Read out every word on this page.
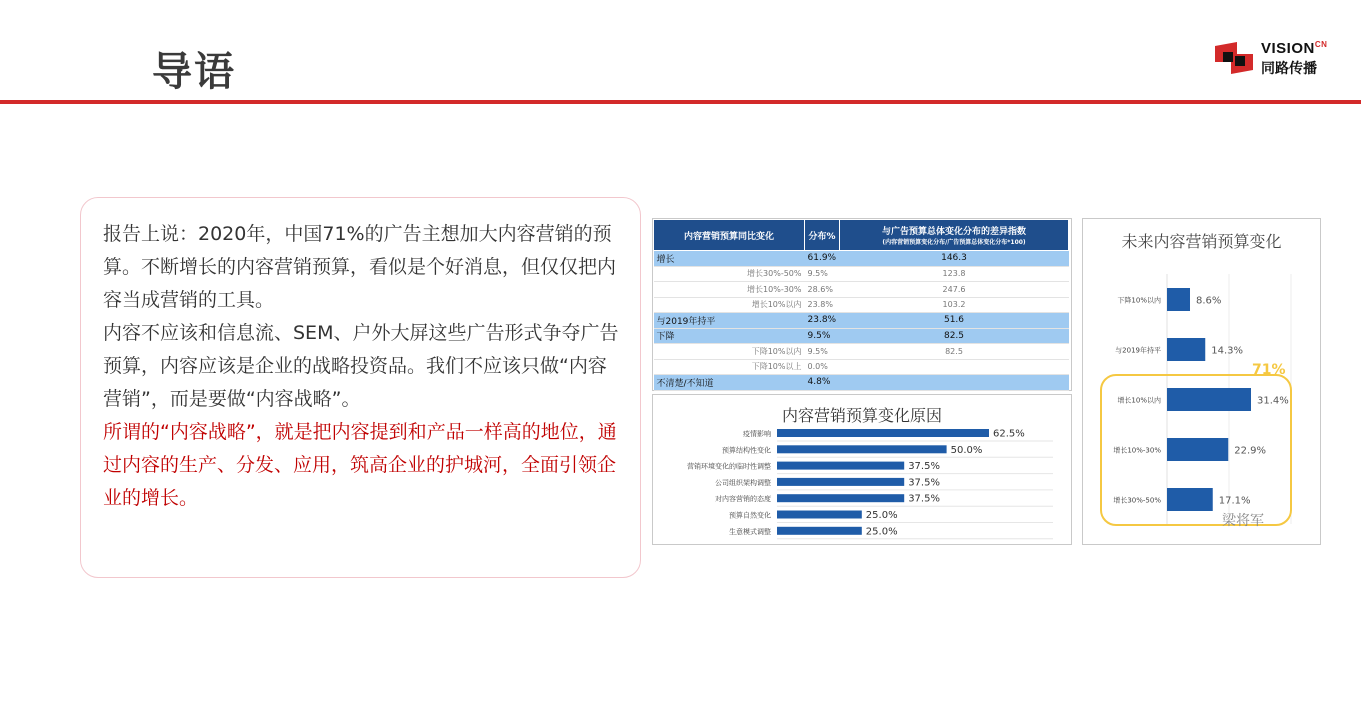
导语
$VISION^{CN}$
同路传播

报告上说：2020年，中国71%的广告主想加大内容营销的预算。不断增长的内容营销预算，看似是个好消息，但仅仅把内容当成营销的工具。

内容不应该和信息流、SEM、户外大屏这些广告形式争夺广告预算，内容应该是企业的战略投资品。我们不应该只做“内容营销”，而是要做“内容战略”。

所谓的“内容战略”，就是把内容提到和产品一样高的地位，通过内容的生产、分发、应用，筑高企业的护城河，全面引领企业的增长。

内容营销预算同比变化	分布%	与广告预算总体变化分布的差异指数
(内容营销预算变化分布/广告预算总体变化分布*100)

增长	61.9%	146.3
增长30%-50%	9.5%	123.8
增长10%-30%	28.6%	247.6
增长10%以内	23.8%	103.2
与2019年持平	23.8%	51.6
下降	9.5%	82.5
下降10%以内	9.5%	82.5
下降10%以上	0.0%	
不清楚/不知道	4.8%	
内容营销预算变化原因
疫情影响	62.5%
预算结构性变化	50.0%
营销环境变化的临时性调整	37.5%
公司组织架构调整	37.5%
对内容营销的态度	37.5%
预算自然变化	25.0%
生意模式调整	25.0%
未来内容营销预算变化
下降10%以内	8.6%
与2019年持平	14.3%
增长10%以内	31.4%
增长10%-30%	22.9%
增长30%-50%	17.1%
71%
梁将军
